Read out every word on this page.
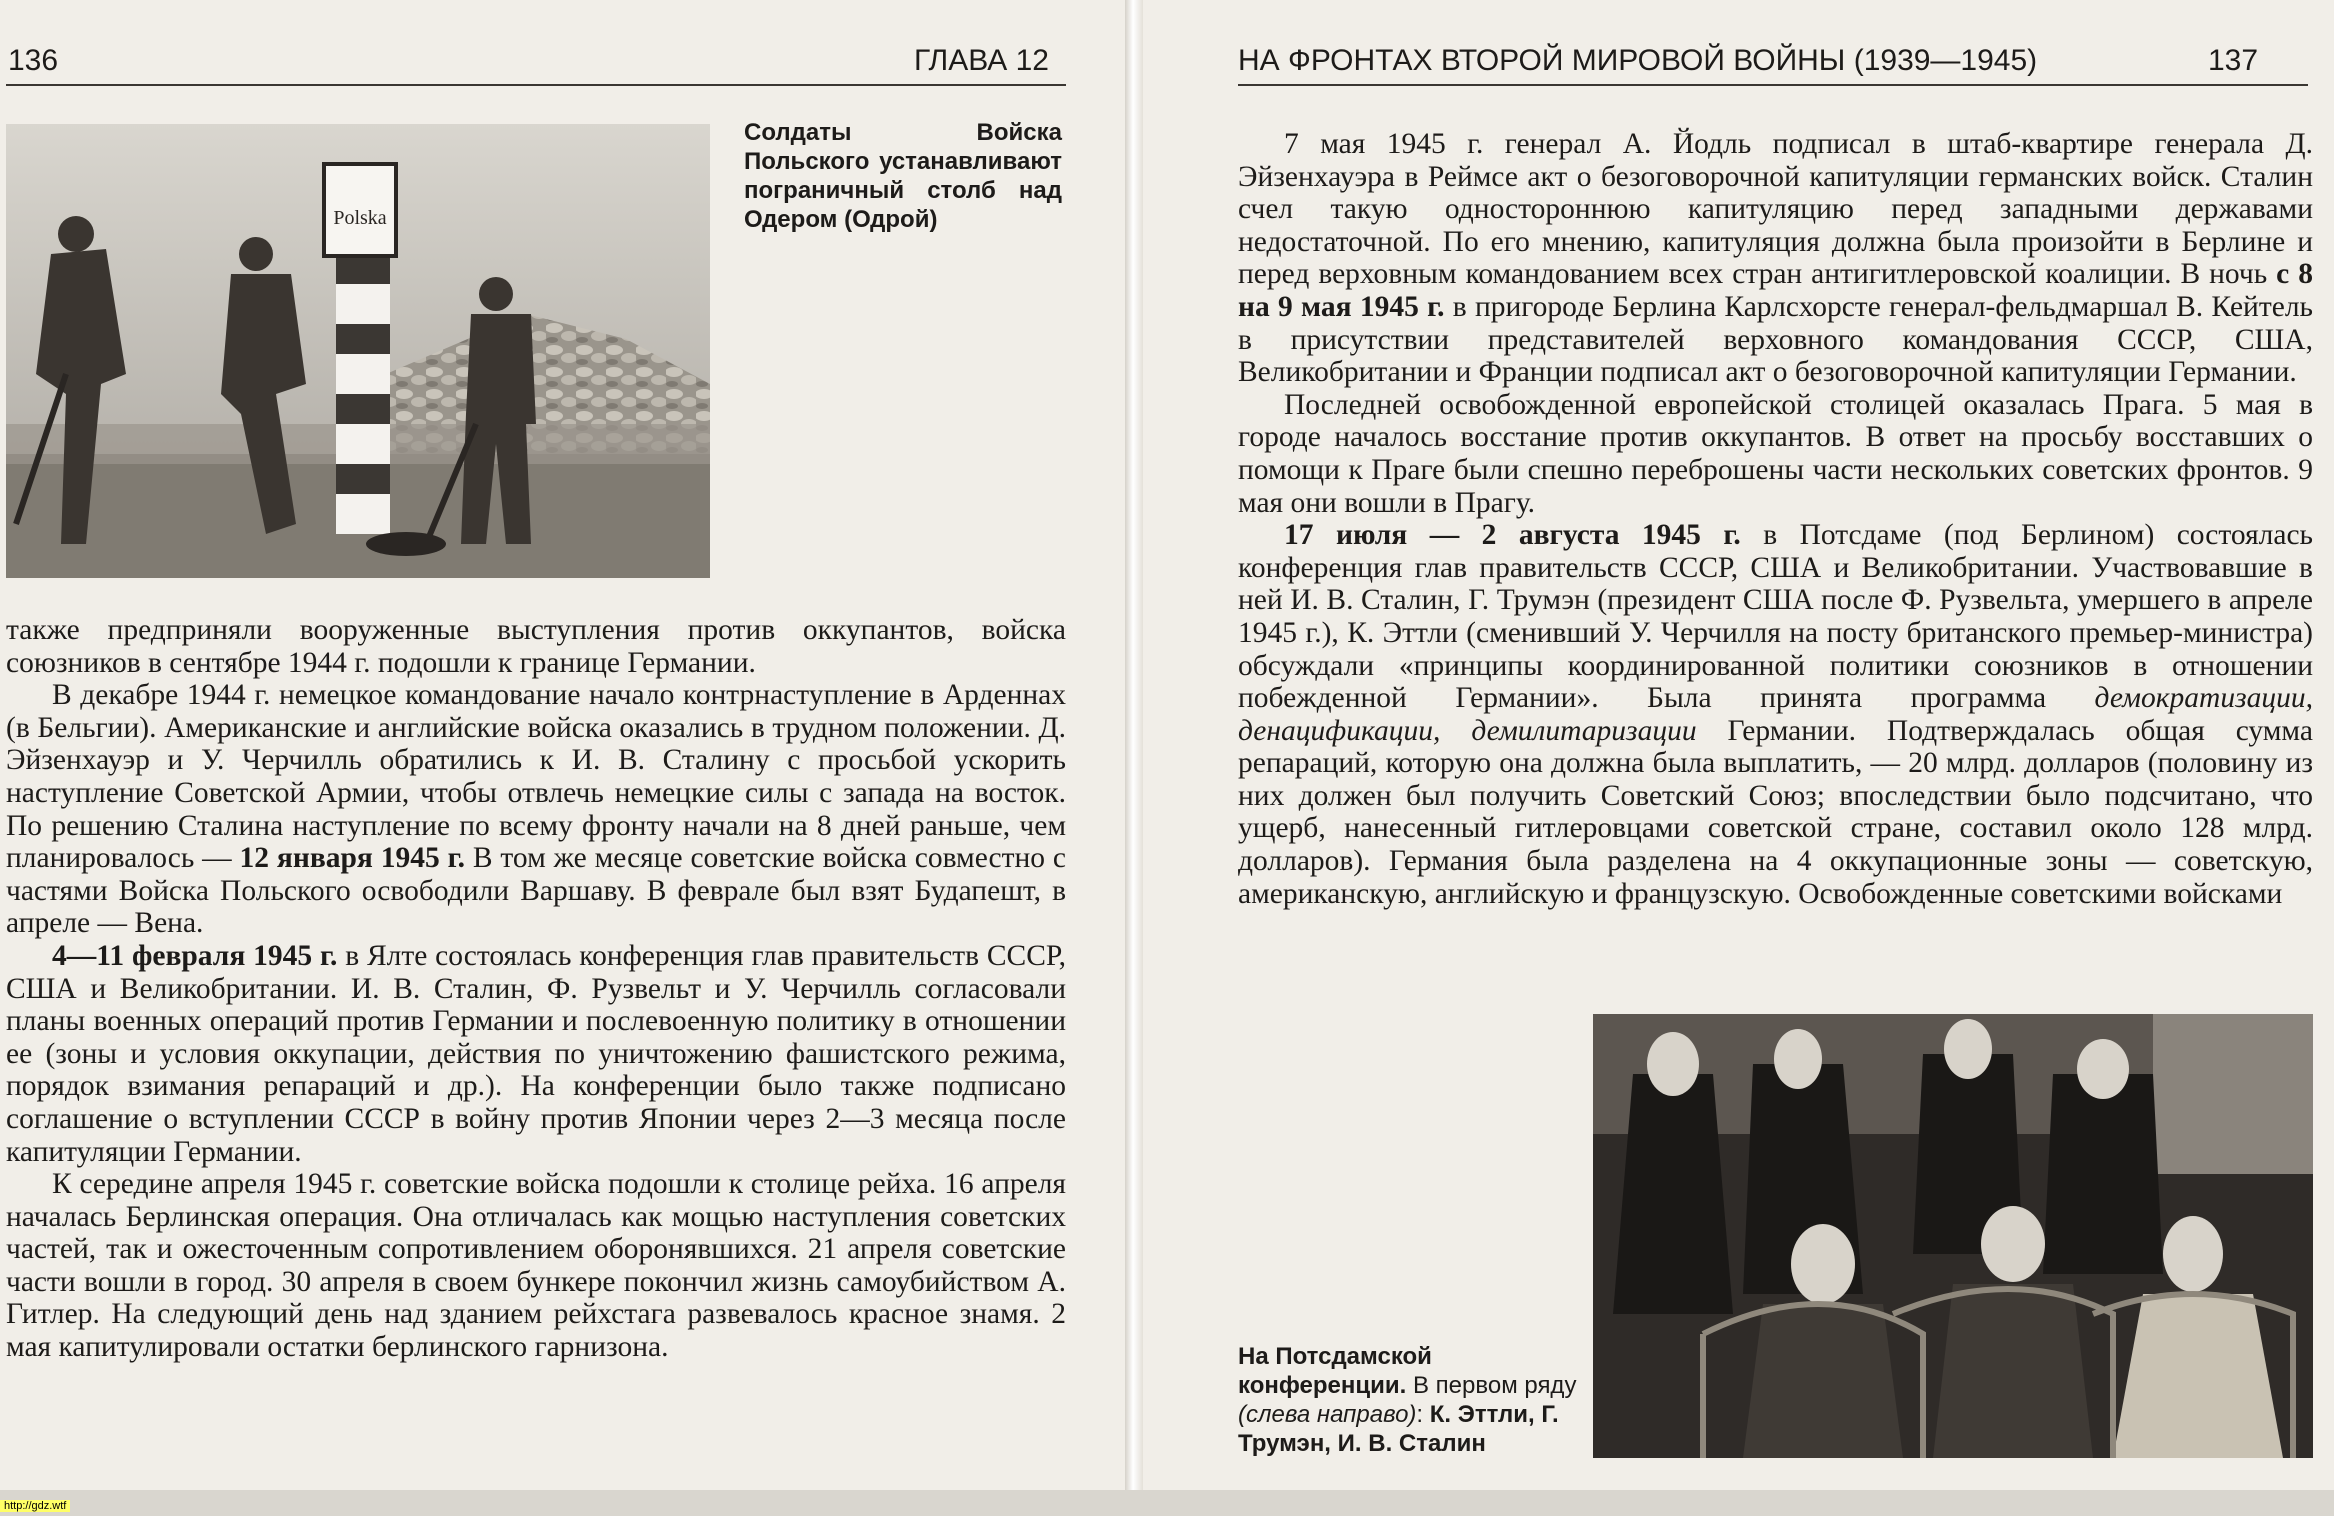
136	ГЛАВА 12
Polska
Солдаты Войска Польского устанавливают пограничный столб над Одером (Одрой)

также предприняли вооруженные выступления против оккупантов, войска союзников в сентябре 1944 г. подошли к границе Германии.

В декабре 1944 г. немецкое командование начало контрнаступление в Арденнах (в Бельгии). Американские и английские войска оказались в трудном положении. Д. Эйзенхауэр и У. Черчилль обратились к И. В. Сталину с просьбой ускорить наступление Советской Армии, чтобы отвлечь немецкие силы с запада на восток. По решению Сталина наступление по всему фронту начали на 8 дней раньше, чем планировалось — 12 января 1945 г. В том же месяце советские войска совместно с частями Войска Польского освободили Варшаву. В феврале был взят Будапешт, в апреле — Вена.

4—11 февраля 1945 г. в Ялте состоялась конференция глав правительств СССР, США и Великобритании. И. В. Сталин, Ф. Рузвельт и У. Черчилль согласовали планы военных операций против Германии и послевоенную политику в отношении ее (зоны и условия оккупации, действия по уничтожению фашистского режима, порядок взимания репараций и др.). На конференции было также подписано соглашение о вступлении СССР в войну против Японии через 2—3 месяца после капитуляции Германии.

К середине апреля 1945 г. советские войска подошли к столице рейха. 16 апреля началась Берлинская операция. Она отличалась как мощью наступления советских частей, так и ожесточенным сопротивлением оборонявшихся. 21 апреля советские части вошли в город. 30 апреля в своем бункере покончил жизнь самоубийством А. Гитлер. На следующий день над зданием рейхстага развевалось красное знамя. 2 мая капитулировали остатки берлинского гарнизона.

НА ФРОНТАХ ВТОРОЙ МИРОВОЙ ВОЙНЫ (1939—1945)	137

7 мая 1945 г. генерал А. Йодль подписал в штаб-квартире генерала Д. Эйзенхауэра в Реймсе акт о безоговорочной капитуляции германских войск. Сталин счел такую одностороннюю капитуляцию перед западными державами недостаточной. По его мнению, капитуляция должна была произойти в Берлине и перед верховным командованием всех стран антигитлеровской коалиции. В ночь с 8 на 9 мая 1945 г. в пригороде Берлина Карлсхорсте генерал-фельдмаршал В. Кейтель в присутствии представителей верховного командования СССР, США, Великобритании и Франции подписал акт о безоговорочной капитуляции Германии.

Последней освобожденной европейской столицей оказалась Прага. 5 мая в городе началось восстание против оккупантов. В ответ на просьбу восставших о помощи к Праге были спешно переброшены части нескольких советских фронтов. 9 мая они вошли в Прагу.

17 июля — 2 августа 1945 г. в Потсдаме (под Берлином) состоялась конференция глав правительств СССР, США и Великобритании. Участвовавшие в ней И. В. Сталин, Г. Трумэн (президент США после Ф. Рузвельта, умершего в апреле 1945 г.), К. Эттли (сменивший У. Черчилля на посту британского премьер-министра) обсуждали «принципы координированной политики союзников в отношении побежденной Германии». Была принята программа демократизации, денацификации, демилитаризации Германии. Подтверждалась общая сумма репараций, которую она должна была выплатить, — 20 млрд. долларов (половину из них должен был получить Советский Союз; впоследствии было подсчитано, что ущерб, нанесенный гитлеровцами советской стране, составил около 128 млрд. долларов). Германия была разделена на 4 оккупационные зоны — советскую, американскую, английскую и французскую. Освобожденные советскими войсками

На Потсдамской конференции. В первом ряду (слева направо): К. Эттли, Г. Трумэн, И. В. Сталин
http://gdz.wtf
